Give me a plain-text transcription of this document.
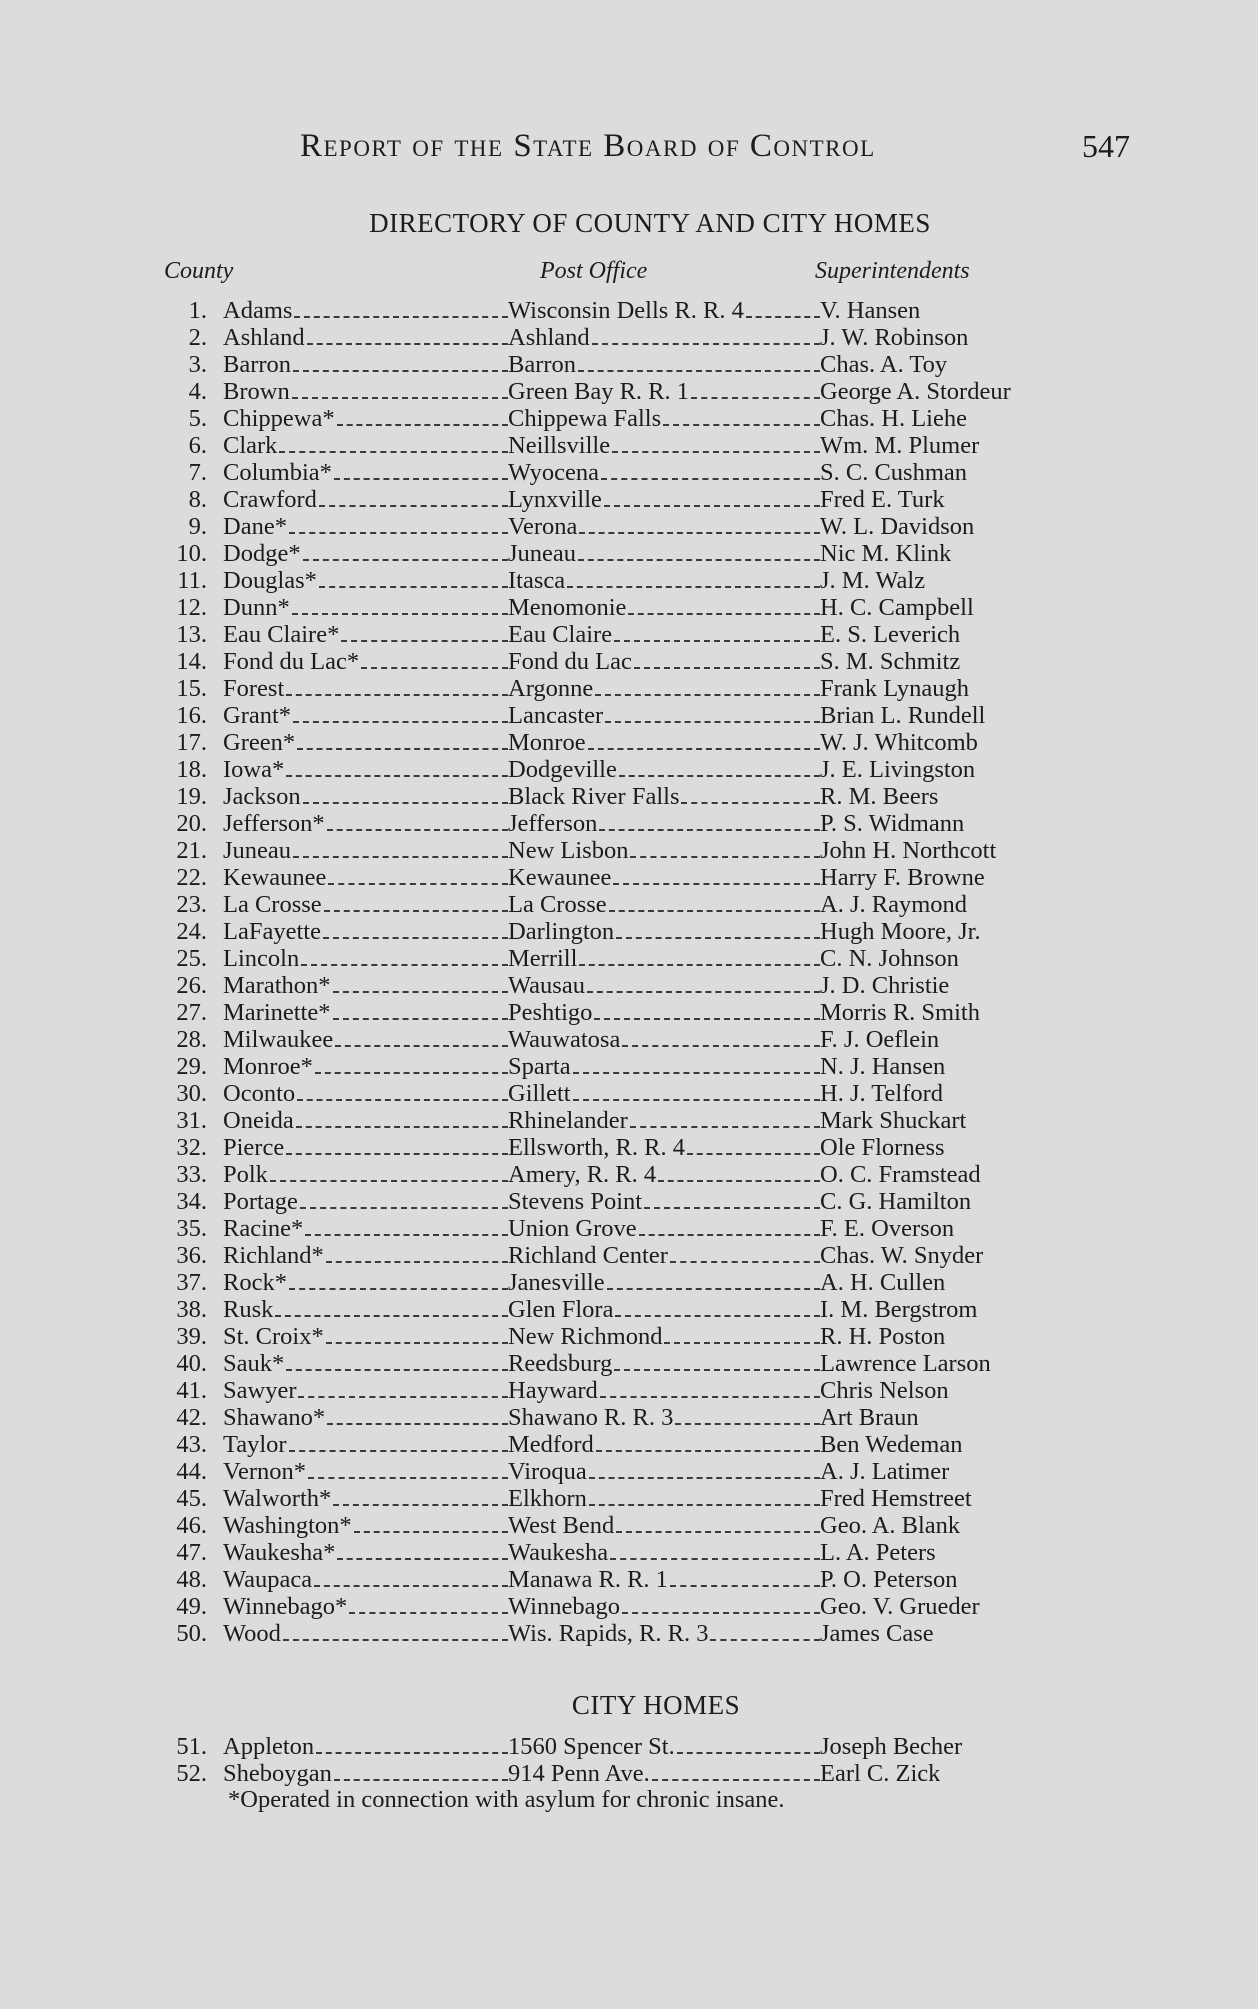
Report of the State Board of Control	547
DIRECTORY OF COUNTY AND CITY HOMES
County	Post Office	Superintendents
1. Adams	Wisconsin Dells R. R. 4	V. Hansen
2. Ashland	Ashland	J. W. Robinson
3. Barron	Barron	Chas. A. Toy
4. Brown	Green Bay R. R. 1	George A. Stordeur
5. Chippewa*	Chippewa Falls	Chas. H. Liehe
6. Clark	Neillsville	Wm. M. Plumer
7. Columbia*	Wyocena	S. C. Cushman
8. Crawford	Lynxville	Fred E. Turk
9. Dane*	Verona	W. L. Davidson
10. Dodge*	Juneau	Nic M. Klink
11. Douglas*	Itasca	J. M. Walz
12. Dunn*	Menomonie	H. C. Campbell
13. Eau Claire*	Eau Claire	E. S. Leverich
14. Fond du Lac*	Fond du Lac	S. M. Schmitz
15. Forest	Argonne	Frank Lynaugh
16. Grant*	Lancaster	Brian L. Rundell
17. Green*	Monroe	W. J. Whitcomb
18. Iowa*	Dodgeville	J. E. Livingston
19. Jackson	Black River Falls	R. M. Beers
20. Jefferson*	Jefferson	P. S. Widmann
21. Juneau	New Lisbon	John H. Northcott
22. Kewaunee	Kewaunee	Harry F. Browne
23. La Crosse	La Crosse	A. J. Raymond
24. LaFayette	Darlington	Hugh Moore, Jr.
25. Lincoln	Merrill	C. N. Johnson
26. Marathon*	Wausau	J. D. Christie
27. Marinette*	Peshtigo	Morris R. Smith
28. Milwaukee	Wauwatosa	F. J. Oeflein
29. Monroe*	Sparta	N. J. Hansen
30. Oconto	Gillett	H. J. Telford
31. Oneida	Rhinelander	Mark Shuckart
32. Pierce	Ellsworth, R. R. 4	Ole Florness
33. Polk	Amery, R. R. 4	O. C. Framstead
34. Portage	Stevens Point	C. G. Hamilton
35. Racine*	Union Grove	F. E. Overson
36. Richland*	Richland Center	Chas. W. Snyder
37. Rock*	Janesville	A. H. Cullen
38. Rusk	Glen Flora	I. M. Bergstrom
39. St. Croix*	New Richmond	R. H. Poston
40. Sauk*	Reedsburg	Lawrence Larson
41. Sawyer	Hayward	Chris Nelson
42. Shawano*	Shawano R. R. 3	Art Braun
43. Taylor	Medford	Ben Wedeman
44. Vernon*	Viroqua	A. J. Latimer
45. Walworth*	Elkhorn	Fred Hemstreet
46. Washington*	West Bend	Geo. A. Blank
47. Waukesha*	Waukesha	L. A. Peters
48. Waupaca	Manawa R. R. 1	P. O. Peterson
49. Winnebago*	Winnebago	Geo. V. Grueder
50. Wood	Wis. Rapids, R. R. 3	James Case
CITY HOMES
51. Appleton	1560 Spencer St.	Joseph Becher
52. Sheboygan	914 Penn Ave.	Earl C. Zick
*Operated in connection with asylum for chronic insane.
